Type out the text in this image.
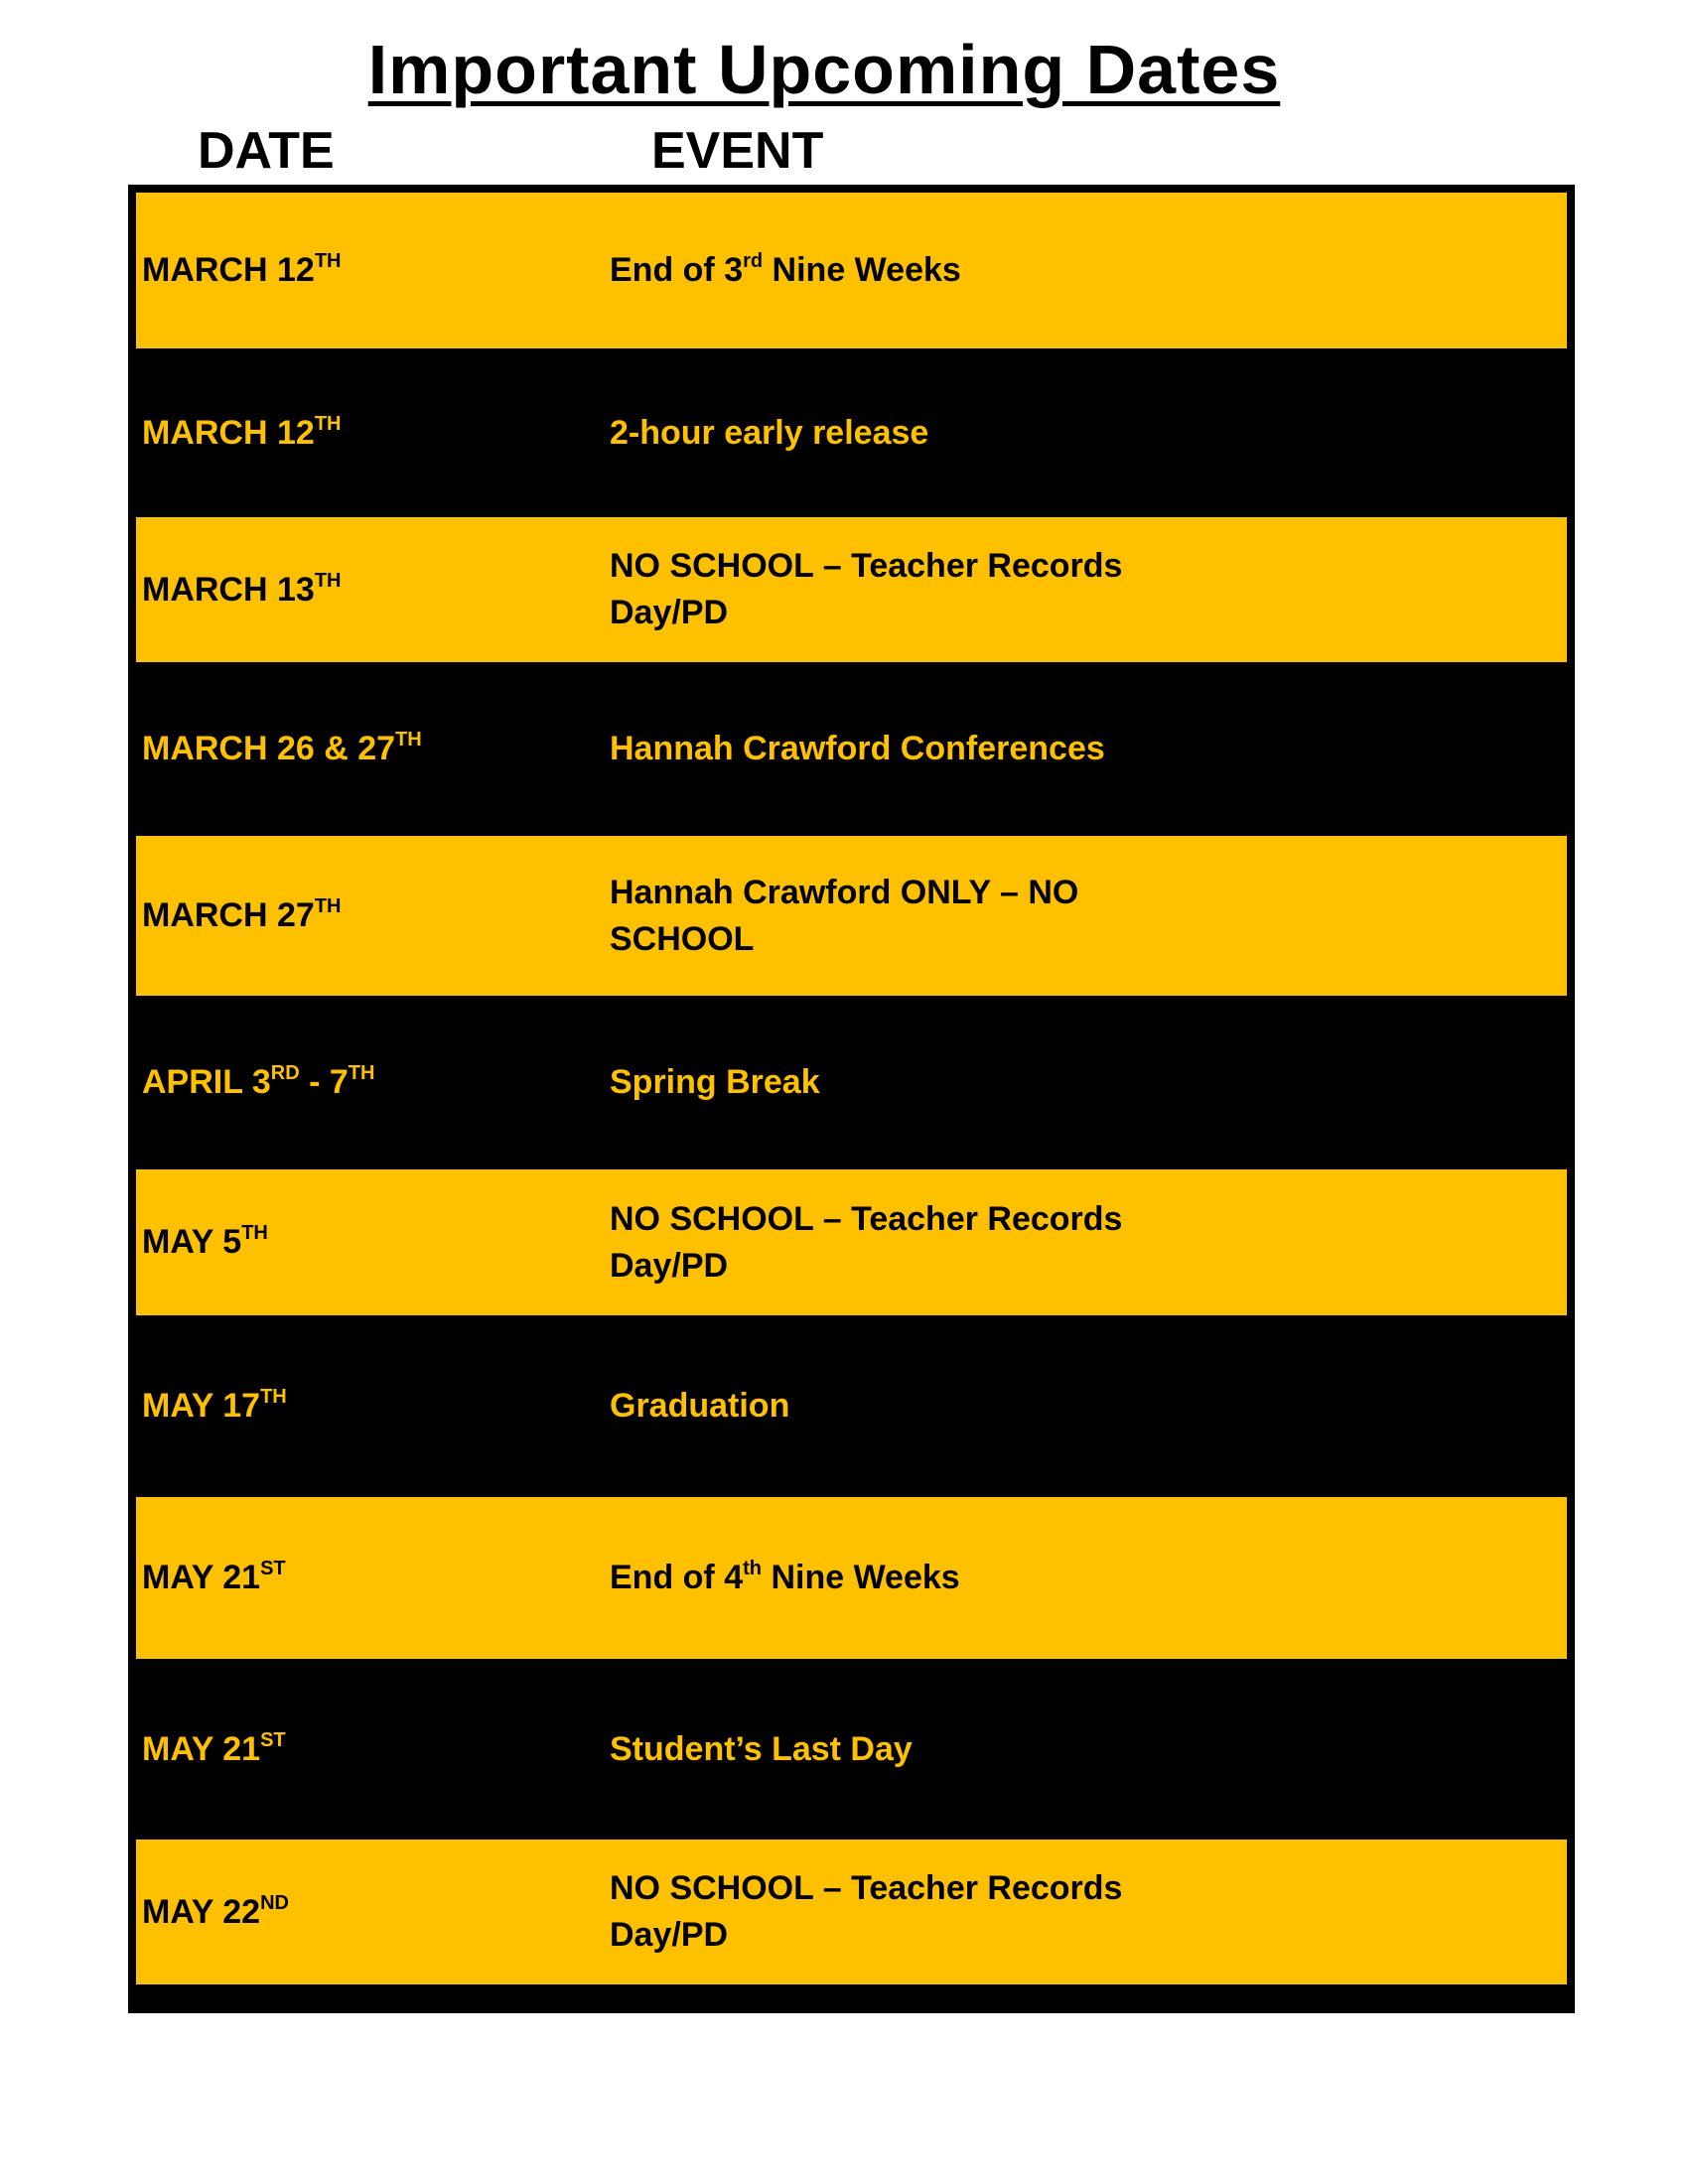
Important Upcoming Dates
DATE	EVENT
MARCH 12TH	End of 3rd Nine Weeks
MARCH 12TH	2-hour early release
MARCH 13TH	NO SCHOOL – Teacher Records Day/PD
MARCH 26 & 27TH	Hannah Crawford Conferences
MARCH 27TH	Hannah Crawford ONLY – NO SCHOOL
APRIL 3RD - 7TH	Spring Break
MAY 5TH	NO SCHOOL – Teacher Records Day/PD
MAY 17TH	Graduation
MAY 21ST	End of 4th Nine Weeks
MAY 21ST	Student’s Last Day
MAY 22ND	NO SCHOOL – Teacher Records Day/PD
